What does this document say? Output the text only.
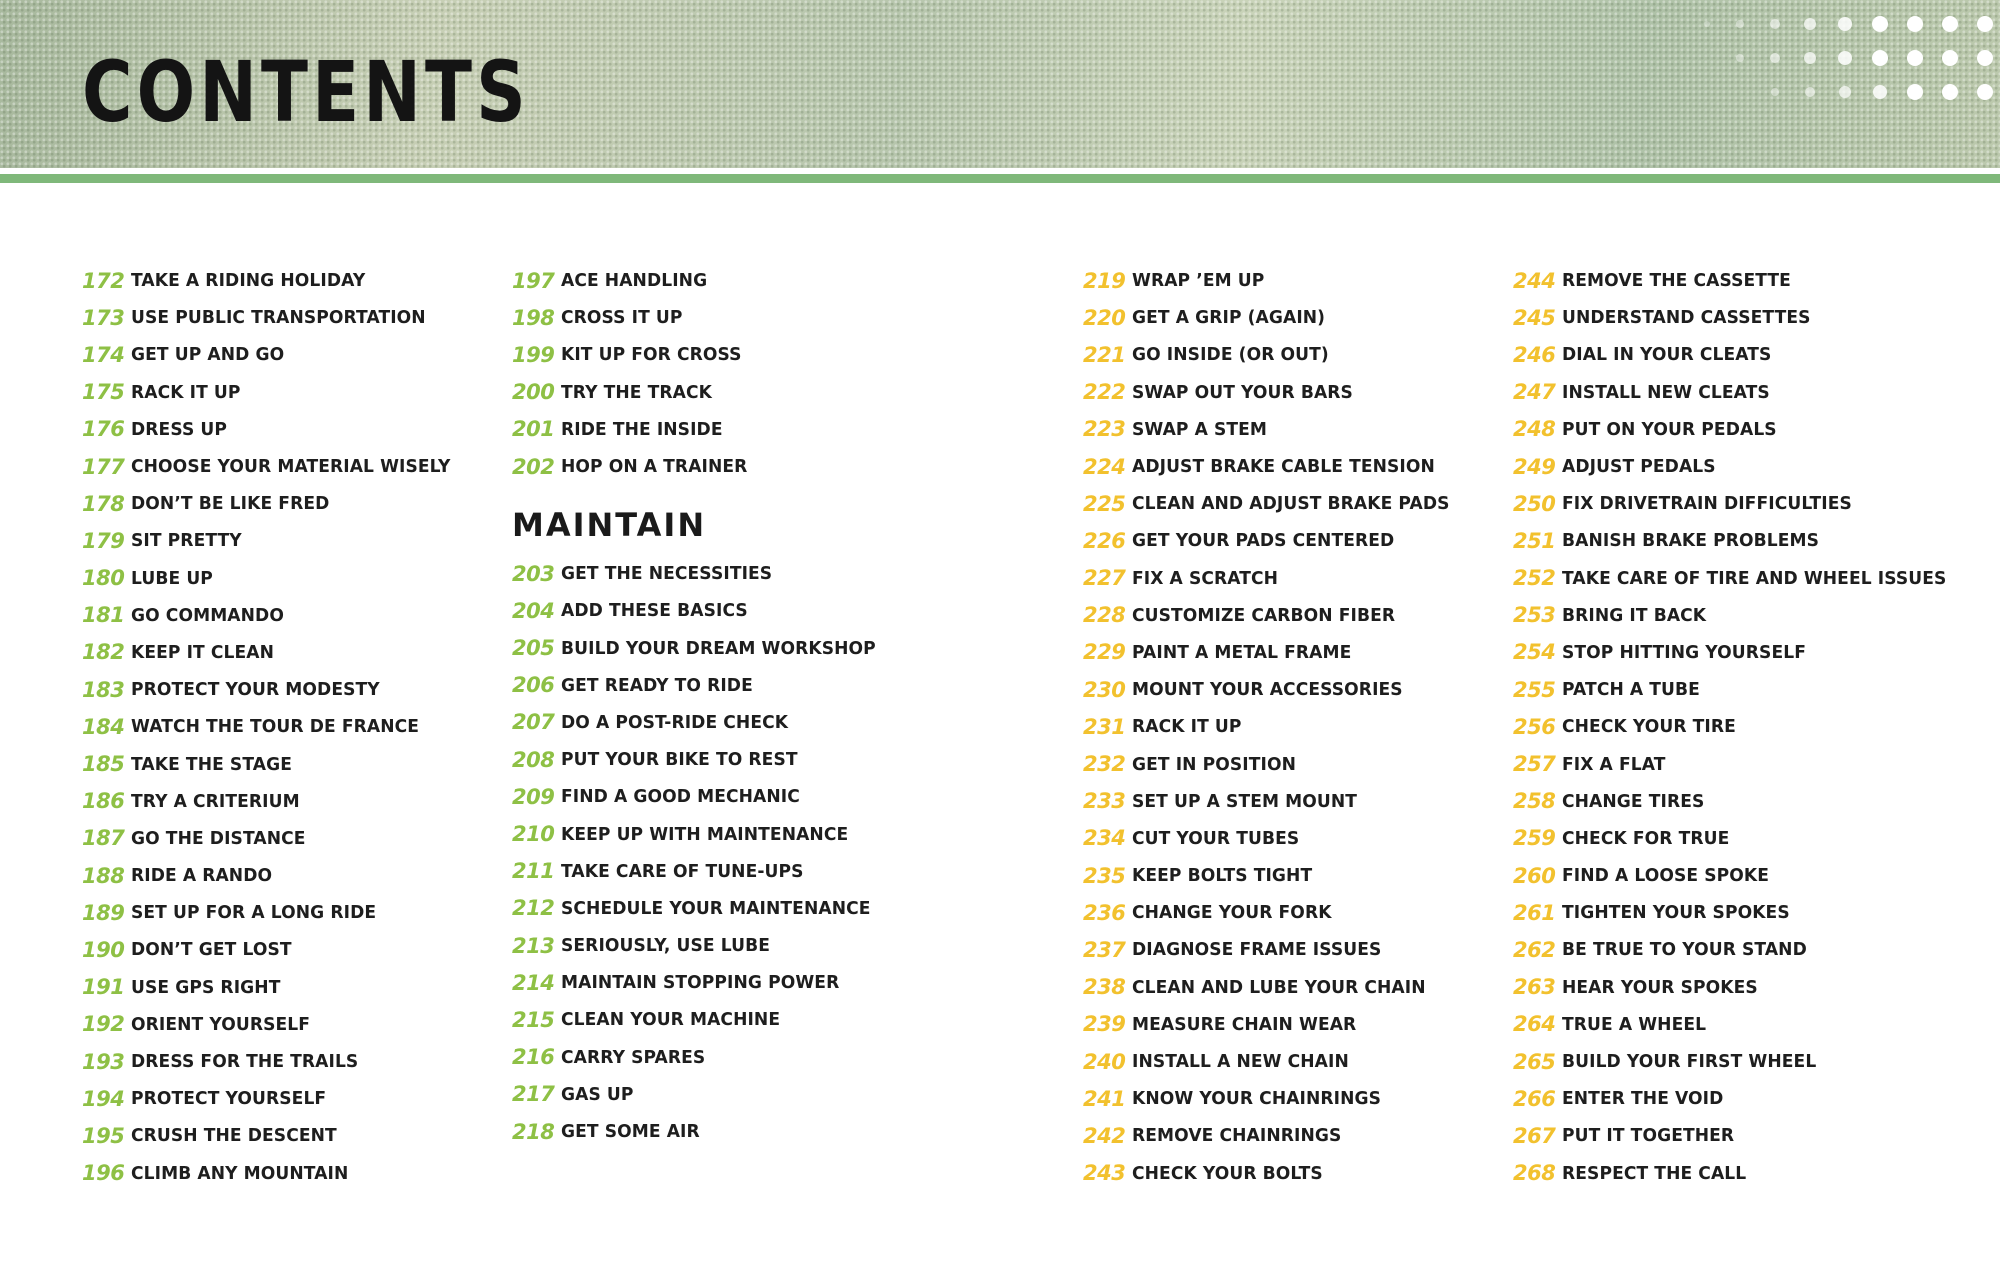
CONTENTS
172 TAKE A RIDING HOLIDAY
173 USE PUBLIC TRANSPORTATION
174 GET UP AND GO
175 RACK IT UP
176 DRESS UP
177 CHOOSE YOUR MATERIAL WISELY
178 DON’T BE LIKE FRED
179 SIT PRETTY
180 LUBE UP
181 GO COMMANDO
182 KEEP IT CLEAN
183 PROTECT YOUR MODESTY
184 WATCH THE TOUR DE FRANCE
185 TAKE THE STAGE
186 TRY A CRITERIUM
187 GO THE DISTANCE
188 RIDE A RANDO
189 SET UP FOR A LONG RIDE
190 DON’T GET LOST
191 USE GPS RIGHT
192 ORIENT YOURSELF
193 DRESS FOR THE TRAILS
194 PROTECT YOURSELF
195 CRUSH THE DESCENT
196 CLIMB ANY MOUNTAIN
197 ACE HANDLING
198 CROSS IT UP
199 KIT UP FOR CROSS
200 TRY THE TRACK
201 RIDE THE INSIDE
202 HOP ON A TRAINER
MAINTAIN
203 GET THE NECESSITIES
204 ADD THESE BASICS
205 BUILD YOUR DREAM WORKSHOP
206 GET READY TO RIDE
207 DO A POST-RIDE CHECK
208 PUT YOUR BIKE TO REST
209 FIND A GOOD MECHANIC
210 KEEP UP WITH MAINTENANCE
211 TAKE CARE OF TUNE-UPS
212 SCHEDULE YOUR MAINTENANCE
213 SERIOUSLY, USE LUBE
214 MAINTAIN STOPPING POWER
215 CLEAN YOUR MACHINE
216 CARRY SPARES
217 GAS UP
218 GET SOME AIR
219 WRAP ’EM UP
220 GET A GRIP (AGAIN)
221 GO INSIDE (OR OUT)
222 SWAP OUT YOUR BARS
223 SWAP A STEM
224 ADJUST BRAKE CABLE TENSION
225 CLEAN AND ADJUST BRAKE PADS
226 GET YOUR PADS CENTERED
227 FIX A SCRATCH
228 CUSTOMIZE CARBON FIBER
229 PAINT A METAL FRAME
230 MOUNT YOUR ACCESSORIES
231 RACK IT UP
232 GET IN POSITION
233 SET UP A STEM MOUNT
234 CUT YOUR TUBES
235 KEEP BOLTS TIGHT
236 CHANGE YOUR FORK
237 DIAGNOSE FRAME ISSUES
238 CLEAN AND LUBE YOUR CHAIN
239 MEASURE CHAIN WEAR
240 INSTALL A NEW CHAIN
241 KNOW YOUR CHAINRINGS
242 REMOVE CHAINRINGS
243 CHECK YOUR BOLTS
244 REMOVE THE CASSETTE
245 UNDERSTAND CASSETTES
246 DIAL IN YOUR CLEATS
247 INSTALL NEW CLEATS
248 PUT ON YOUR PEDALS
249 ADJUST PEDALS
250 FIX DRIVETRAIN DIFFICULTIES
251 BANISH BRAKE PROBLEMS
252 TAKE CARE OF TIRE AND WHEEL ISSUES
253 BRING IT BACK
254 STOP HITTING YOURSELF
255 PATCH A TUBE
256 CHECK YOUR TIRE
257 FIX A FLAT
258 CHANGE TIRES
259 CHECK FOR TRUE
260 FIND A LOOSE SPOKE
261 TIGHTEN YOUR SPOKES
262 BE TRUE TO YOUR STAND
263 HEAR YOUR SPOKES
264 TRUE A WHEEL
265 BUILD YOUR FIRST WHEEL
266 ENTER THE VOID
267 PUT IT TOGETHER
268 RESPECT THE CALL
